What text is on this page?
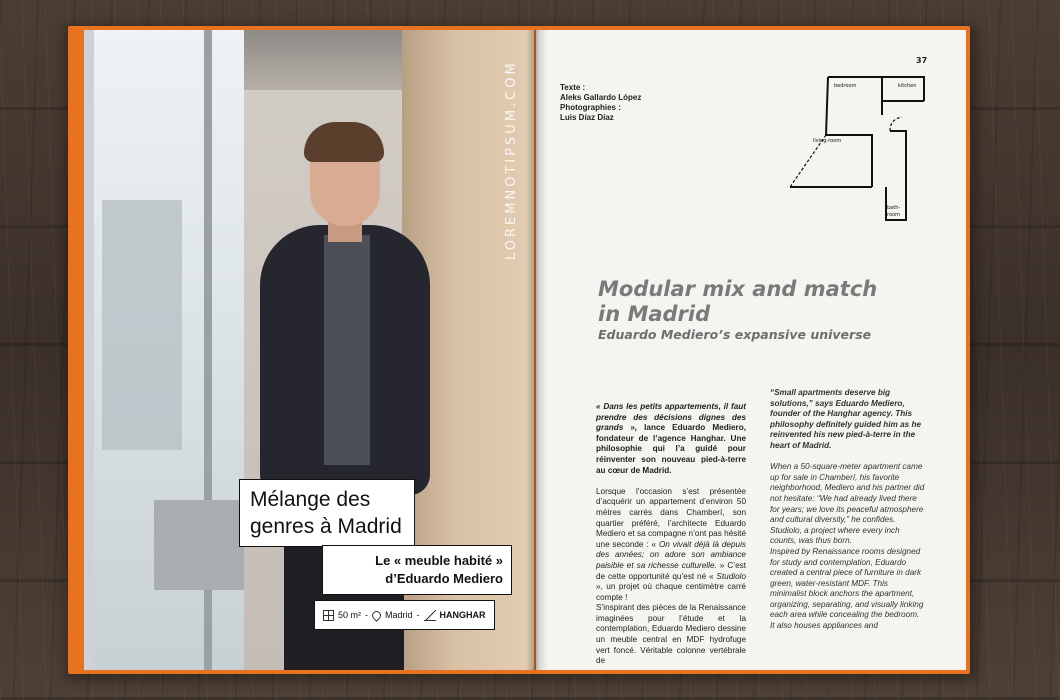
LOREMNOTIPSUM.COM
Mélange des
genres à Madrid
Le « meuble habité »
d’Eduardo Mediero
50 m² - Madrid - HANGHAR
37
Texte :
Aleks Gallardo López
Photographies :
Luis Díaz Díaz
bedroom	kitchen
living-room
bath-
room
Modular mix and match
in Madrid
Eduardo Mediero’s expansive universe

« Dans les petits appartements, il faut prendre des décisions dignes des grands », lance Eduardo Mediero, fondateur de l’agence Hanghar. Une philosophie qui l’a guidé pour réinventer son nouveau pied-à-terre au cœur de Madrid.

Lorsque l’occasion s’est présentée d’acquérir un appartement d’environ 50 mètres carrés dans Chamberí, son quartier préféré, l’architecte Eduardo Mediero et sa compagne n’ont pas hésité une seconde : « On vivait déjà là depuis des années; on adore son ambiance paisible et sa richesse culturelle. » C’est de cette opportunité qu’est né « Studiolo », un projet où chaque centimètre carré compte !

S’inspirant des pièces de la Renaissance imaginées pour l’étude et la contemplation, Eduardo Mediero dessine un meuble central en MDF hydrofuge vert foncé. Véritable colonne vertébrale de

“Small apartments deserve big solutions,” says Eduardo Mediero, founder of the Hanghar agency. This philosophy definitely guided him as he reinvented his new pied-à-terre in the heart of Madrid.

When a 50-square-meter apartment came up for sale in Chamberí, his favorite neighborhood, Mediero and his partner did not hesitate: “We had already lived there for years; we love its peaceful atmosphere and cultural diversity,” he confides. Studiolo, a project where every inch counts, was thus born.

Inspired by Renaissance rooms designed for study and contemplation, Eduardo created a central piece of furniture in dark green, water-resistant MDF. This minimalist block anchors the apartment, organizing, separating, and visually linking each area while concealing the bedroom. It also houses appliances and
